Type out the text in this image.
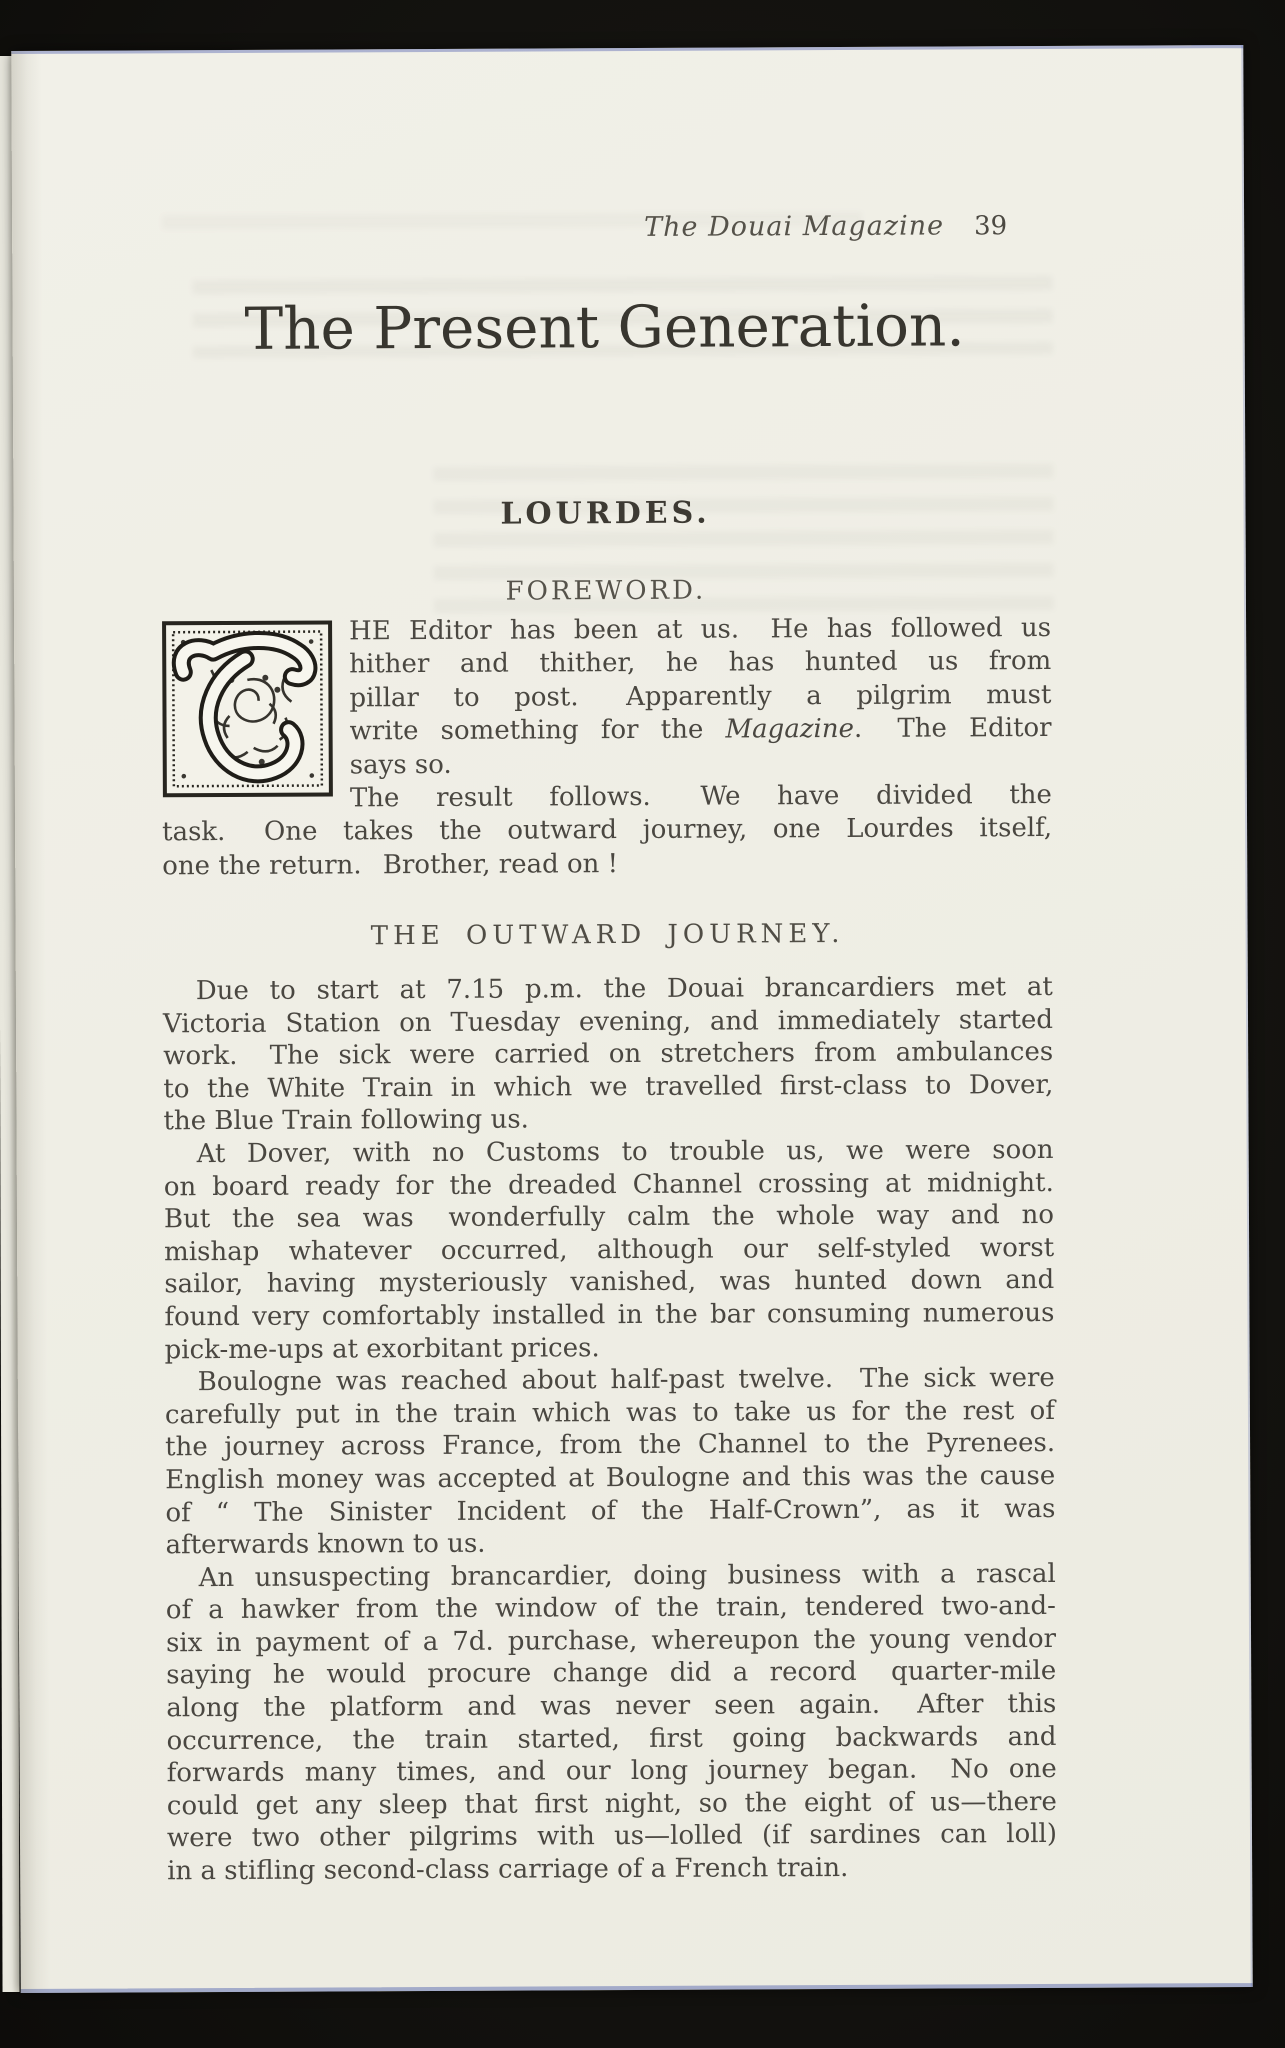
The Douai Magazine 39
The Present Generation.
LOURDES.
FOREWORD.
HE Editor has been at us.  He has followed us
hither and thither, he has hunted us from
pillar to post.  Apparently a pilgrim must
write something for the Magazine.  The Editor
says so.
The result follows.  We have divided the
task.  One takes the outward journey, one Lourdes itself,
one the return.  Brother, read on !
THE OUTWARD JOURNEY.
Due to start at 7.15 p.m. the Douai brancardiers met at
Victoria Station on Tuesday evening, and immediately started
work.  The sick were carried on stretchers from ambulances
to the White Train in which we travelled first-class to Dover,
the Blue Train following us.
At Dover, with no Customs to trouble us, we were soon
on board ready for the dreaded Channel crossing at midnight.
But the sea was  wonderfully calm the whole way and no
mishap whatever occurred, although our self-styled worst
sailor, having mysteriously vanished, was hunted down and
found very comfortably installed in the bar consuming numerous
pick-me-ups at exorbitant prices.
Boulogne was reached about half-past twelve.  The sick were
carefully put in the train which was to take us for the rest of
the journey across France, from the Channel to the Pyrenees.
English money was accepted at Boulogne and this was the cause
of “ The Sinister Incident of the Half-Crown”, as it was
afterwards known to us.
An unsuspecting brancardier, doing business with a rascal
of a hawker from the window of the train, tendered two-and-
six in payment of a 7d. purchase, whereupon the young vendor
saying he would procure change did a record  quarter-mile
along the platform and was never seen again.  After this
occurrence, the train started, first going backwards and
forwards many times, and our long journey began.  No one
could get any sleep that first night, so the eight of us—there
were two other pilgrims with us—lolled (if sardines can loll)
in a stifling second-class carriage of a French train.
